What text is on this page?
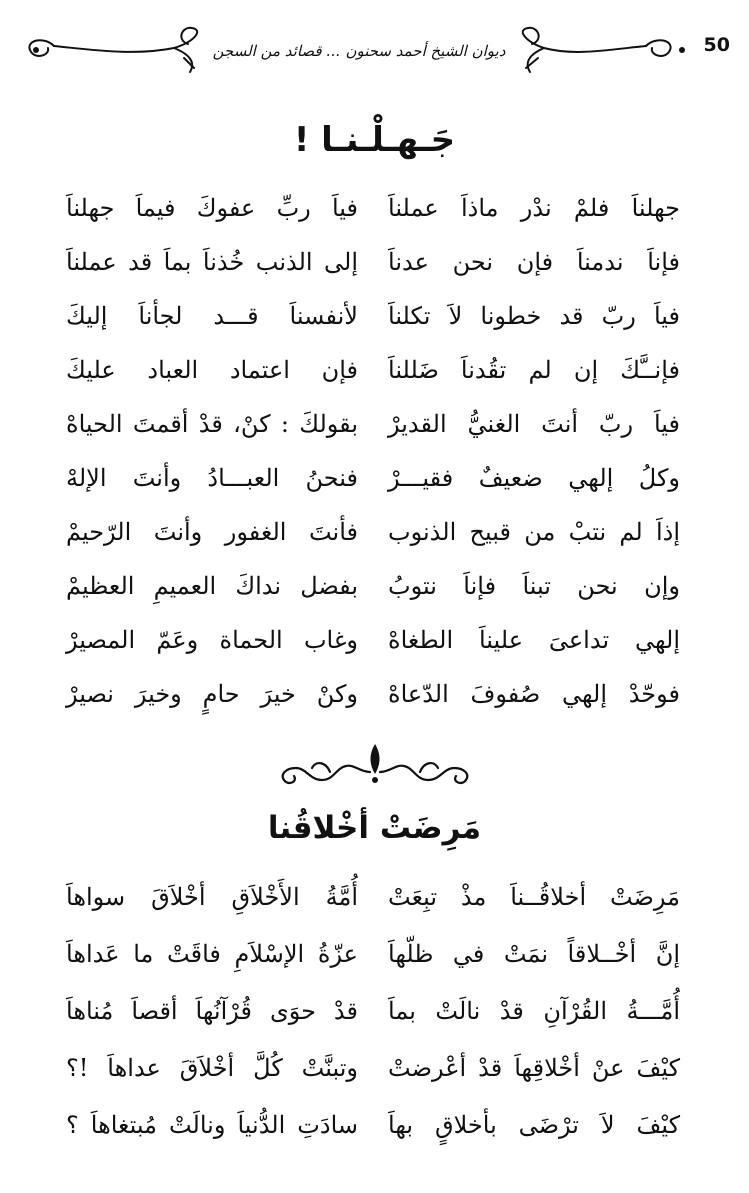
ديوان الشيخ أحمد سحنون ... قصائد من السجن	50
جَـهـلْـنـا !
جهلناَ فلمْ ندْر ماذاَ عملناَ
فياَ ربِّ عفوكَ فيماَ جهلناَ
فإناَ ندمناَ فإن نحن عدناَ
إلى الذنب خُذناَ بماَ قد عملناَ
فياَ ربّ قد خطونا لاَ تكلناَ
لأنفسناَ قـــد لجأناَ إليكَ
فإنــَّكَ إن لم تقُدناَ ضَللناَ
فإن اعتماد العباد عليكَ
فياَ ربّ أنتَ الغنيُّ القديرْ
بقولكَ : كنْ، قدْ أقمتَ الحياهْ
وكلُ إلهي ضعيفٌ فقيـــرْ
فنحنُ العبـــادُ وأنتَ الإلهْ
إذاَ لم نتبْ من قبيح الذنوب
فأنتَ الغفور وأنتَ الرّحيمْ
وإن نحن تبناَ فإناَ نتوبُ
بفضل نداكَ العميمِ العظيمْ
إلهي تداعىَ عليناَ الطغاهْ
وغاب الحماة وعَمّ المصيرْ
فوحّدْ إلهي صُفوفَ الدّعاهْ
وكنْ خيرَ حامٍ وخيرَ نصيرْ
مَرِضَتْ أخْلاقُنا
مَرِضَتْ أخلاقُــناَ مذْ تبِعَتْ
أُمَّةُ الأَخْلاَقِ أخْلاَقَ سواهاَ
إنَّ أخْــلاقاً نمَتْ في ظلّهاَ
عزّةُ الإسْلاَمِ فاقَتْ ما عَداهاَ
أُمَّـــةُ القُرْآنِ قدْ نالَتْ بماَ
قدْ حوَى قُرْآنُهاَ أقصاَ مُناهاَ
كيْفَ عنْ أخْلاقِهاَ قدْ أعْرضتْ
وتبنَّتْ كُلَّ أخْلاَقَ عداهاَ !؟
كيْفَ لاَ ترْضَى بأخلاقٍ بهاَ
سادَتِ الدُّنياَ ونالَتْ مُبتغاهاَ ؟
